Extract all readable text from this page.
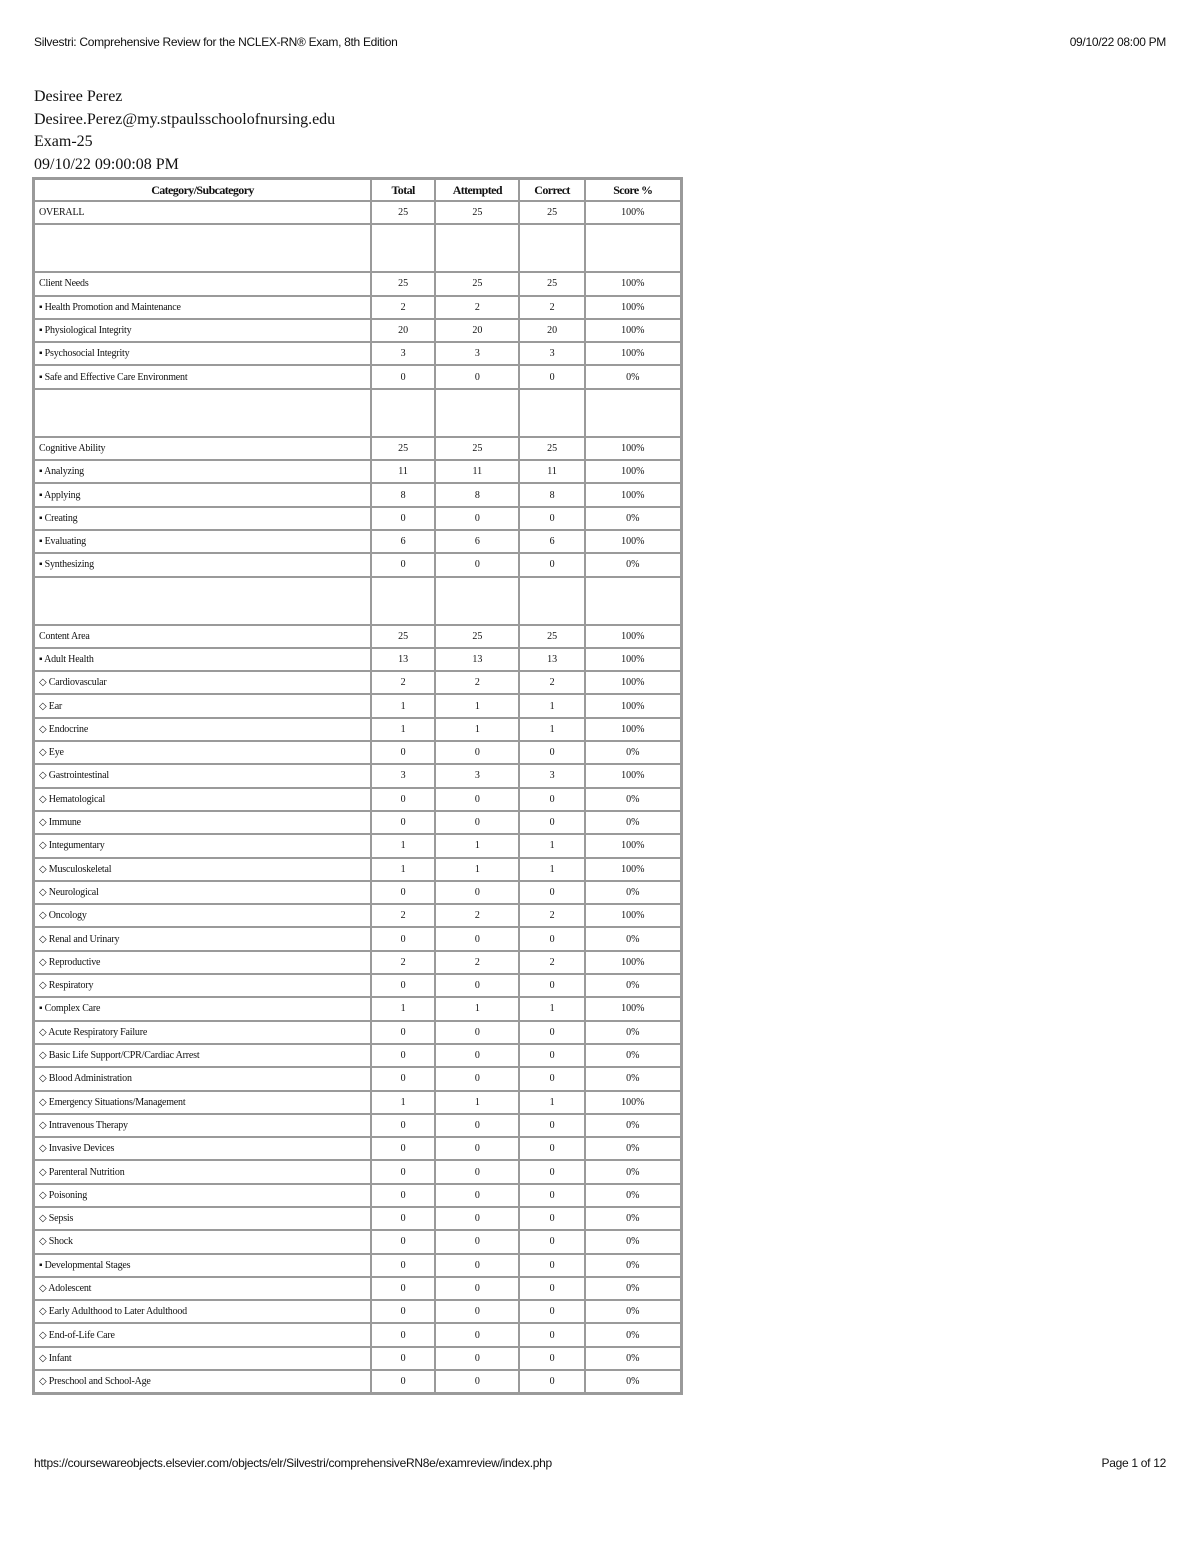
Silvestri: Comprehensive Review for the NCLEX-RN® Exam, 8th Edition	09/10/22 08:00 PM
Desiree Perez
Desiree.Perez@my.stpaulsschoolofnursing.edu
Exam-25
09/10/22 09:00:08 PM
Category/Subcategory	Total	Attempted	Correct	Score %
OVERALL	25	25	25	100%

Client Needs	25	25	25	100%
▪ Health Promotion and Maintenance	2	2	2	100%
▪ Physiological Integrity	20	20	20	100%
▪ Psychosocial Integrity	3	3	3	100%
▪ Safe and Effective Care Environment	0	0	0	0%

Cognitive Ability	25	25	25	100%
▪ Analyzing	11	11	11	100%
▪ Applying	8	8	8	100%
▪ Creating	0	0	0	0%
▪ Evaluating	6	6	6	100%
▪ Synthesizing	0	0	0	0%

Content Area	25	25	25	100%
▪ Adult Health	13	13	13	100%
◇ Cardiovascular	2	2	2	100%
◇ Ear	1	1	1	100%
◇ Endocrine	1	1	1	100%
◇ Eye	0	0	0	0%
◇ Gastrointestinal	3	3	3	100%
◇ Hematological	0	0	0	0%
◇ Immune	0	0	0	0%
◇ Integumentary	1	1	1	100%
◇ Musculoskeletal	1	1	1	100%
◇ Neurological	0	0	0	0%
◇ Oncology	2	2	2	100%
◇ Renal and Urinary	0	0	0	0%
◇ Reproductive	2	2	2	100%
◇ Respiratory	0	0	0	0%
▪ Complex Care	1	1	1	100%
◇ Acute Respiratory Failure	0	0	0	0%
◇ Basic Life Support/CPR/Cardiac Arrest	0	0	0	0%
◇ Blood Administration	0	0	0	0%
◇ Emergency Situations/Management	1	1	1	100%
◇ Intravenous Therapy	0	0	0	0%
◇ Invasive Devices	0	0	0	0%
◇ Parenteral Nutrition	0	0	0	0%
◇ Poisoning	0	0	0	0%
◇ Sepsis	0	0	0	0%
◇ Shock	0	0	0	0%
▪ Developmental Stages	0	0	0	0%
◇ Adolescent	0	0	0	0%
◇ Early Adulthood to Later Adulthood	0	0	0	0%
◇ End-of-Life Care	0	0	0	0%
◇ Infant	0	0	0	0%
◇ Preschool and School-Age	0	0	0	0%
https://coursewareobjects.elsevier.com/objects/elr/Silvestri/comprehensiveRN8e/examreview/index.php	Page 1 of 12
